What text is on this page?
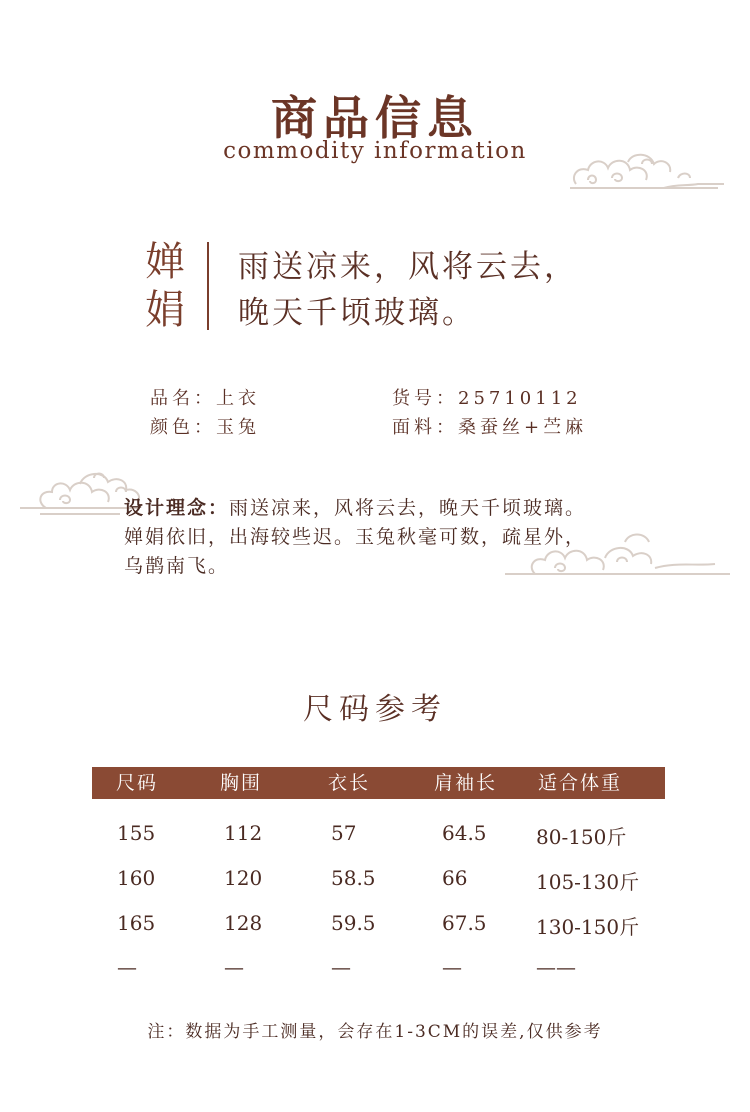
商品信息
commodity information
婵
娟
雨送凉来，风将云去，
晚天千顷玻璃。
品名：上衣	货号：25710112
颜色：玉兔	面料：桑蚕丝+苎麻
设计理念：雨送凉来，风将云去，晚天千顷玻璃。
婵娟依旧，出海较些迟。玉兔秋毫可数，疏星外，
乌鹊南飞。
尺码参考
尺码	胸围	衣长	肩袖长 适合体重
155	112	57	64.5 80-150斤
160	120	58.5	66	105-130斤
165	128	59.5	67.5 130-150斤
—	—	—	—	——
注：数据为手工测量，会存在1-3CM的误差,仅供参考
